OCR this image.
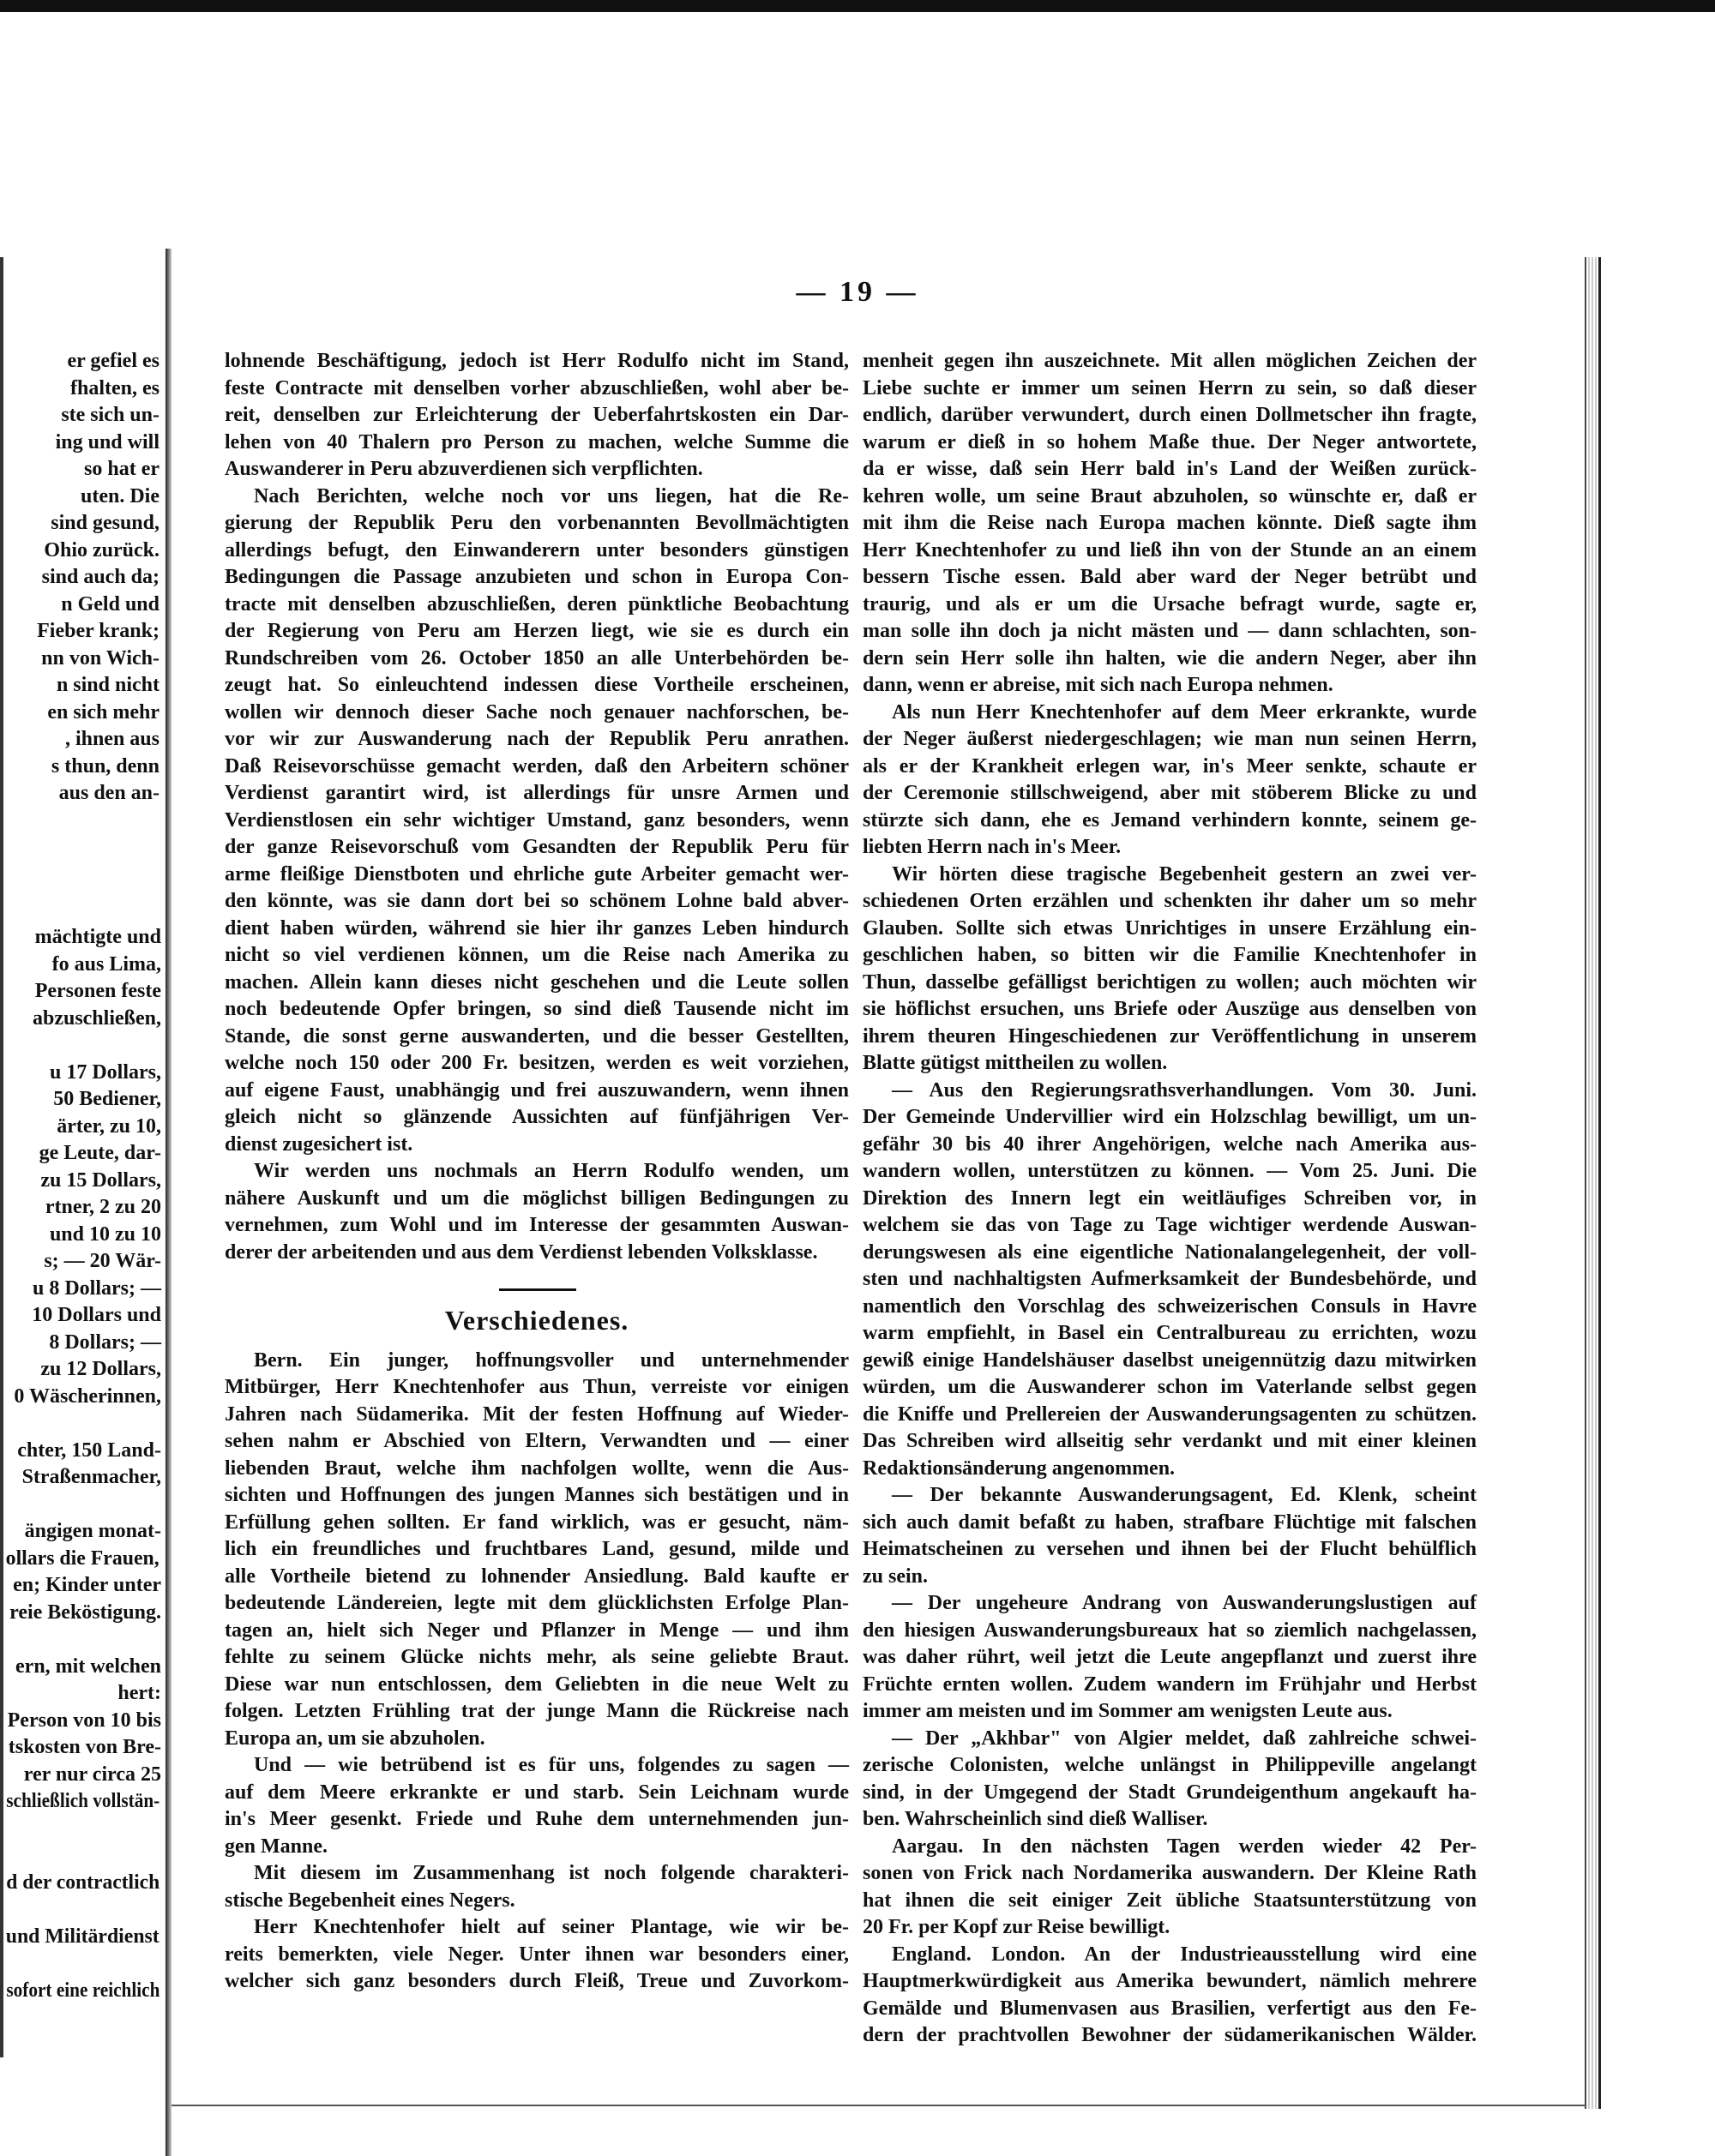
— 19 —
er gefiel es
fhalten, es
ste sich un-
ing und will
so hat er
uten. Die
sind gesund,
Ohio zurück.
sind auch da;
n Geld und
Fieber krank;
nn von Wich-
n sind nicht
en sich mehr
, ihnen aus
s thun, denn
aus den an-
mächtigte und
fo aus Lima,
Personen feste
abzuschließen,
u 17 Dollars,
50 Bediener,
ärter, zu 10,
ge Leute, dar-
zu 15 Dollars,
rtner, 2 zu 20
und 10 zu 10
s; — 20 Wär-
u 8 Dollars; —
10 Dollars und
8 Dollars; —
zu 12 Dollars,
0 Wäscherinnen,
chter, 150 Land-
Straßenmacher,
ängigen monat-
ollars die Frauen,
en; Kinder unter
reie Beköstigung.
ern, mit welchen
hert:
Person von 10 bis
tskosten von Bre-
rer nur circa 25
schließlich vollstän-
d der contractlich
und Militärdienst
sofort eine reichlich
lohnende Beschäftigung, jedoch ist Herr Rodulfo nicht im Stand,
feste Contracte mit denselben vorher abzuschließen, wohl aber be-
reit, denselben zur Erleichterung der Ueberfahrtskosten ein Dar-
lehen von 40 Thalern pro Person zu machen, welche Summe die
Auswanderer in Peru abzuverdienen sich verpflichten.
Nach Berichten, welche noch vor uns liegen, hat die Re-
gierung der Republik Peru den vorbenannten Bevollmächtigten
allerdings befugt, den Einwanderern unter besonders günstigen
Bedingungen die Passage anzubieten und schon in Europa Con-
tracte mit denselben abzuschließen, deren pünktliche Beobachtung
der Regierung von Peru am Herzen liegt, wie sie es durch ein
Rundschreiben vom 26. October 1850 an alle Unterbehörden be-
zeugt hat. So einleuchtend indessen diese Vortheile erscheinen,
wollen wir dennoch dieser Sache noch genauer nachforschen, be-
vor wir zur Auswanderung nach der Republik Peru anrathen.
Daß Reisevorschüsse gemacht werden, daß den Arbeitern schöner
Verdienst garantirt wird, ist allerdings für unsre Armen und
Verdienstlosen ein sehr wichtiger Umstand, ganz besonders, wenn
der ganze Reisevorschuß vom Gesandten der Republik Peru für
arme fleißige Dienstboten und ehrliche gute Arbeiter gemacht wer-
den könnte, was sie dann dort bei so schönem Lohne bald abver-
dient haben würden, während sie hier ihr ganzes Leben hindurch
nicht so viel verdienen können, um die Reise nach Amerika zu
machen. Allein kann dieses nicht geschehen und die Leute sollen
noch bedeutende Opfer bringen, so sind dieß Tausende nicht im
Stande, die sonst gerne auswanderten, und die besser Gestellten,
welche noch 150 oder 200 Fr. besitzen, werden es weit vorziehen,
auf eigene Faust, unabhängig und frei auszuwandern, wenn ihnen
gleich nicht so glänzende Aussichten auf fünfjährigen Ver-
dienst zugesichert ist.
Wir werden uns nochmals an Herrn Rodulfo wenden, um
nähere Auskunft und um die möglichst billigen Bedingungen zu
vernehmen, zum Wohl und im Interesse der gesammten Auswan-
derer der arbeitenden und aus dem Verdienst lebenden Volksklasse.
Verschiedenes.
Bern. Ein junger, hoffnungsvoller und unternehmender
Mitbürger, Herr Knechtenhofer aus Thun, verreiste vor einigen
Jahren nach Südamerika. Mit der festen Hoffnung auf Wieder-
sehen nahm er Abschied von Eltern, Verwandten und — einer
liebenden Braut, welche ihm nachfolgen wollte, wenn die Aus-
sichten und Hoffnungen des jungen Mannes sich bestätigen und in
Erfüllung gehen sollten. Er fand wirklich, was er gesucht, näm-
lich ein freundliches und fruchtbares Land, gesund, milde und
alle Vortheile bietend zu lohnender Ansiedlung. Bald kaufte er
bedeutende Ländereien, legte mit dem glücklichsten Erfolge Plan-
tagen an, hielt sich Neger und Pflanzer in Menge — und ihm
fehlte zu seinem Glücke nichts mehr, als seine geliebte Braut.
Diese war nun entschlossen, dem Geliebten in die neue Welt zu
folgen. Letzten Frühling trat der junge Mann die Rückreise nach
Europa an, um sie abzuholen.
Und — wie betrübend ist es für uns, folgendes zu sagen —
auf dem Meere erkrankte er und starb. Sein Leichnam wurde
in's Meer gesenkt. Friede und Ruhe dem unternehmenden jun-
gen Manne.
Mit diesem im Zusammenhang ist noch folgende charakteri-
stische Begebenheit eines Negers.
Herr Knechtenhofer hielt auf seiner Plantage, wie wir be-
reits bemerkten, viele Neger. Unter ihnen war besonders einer,
welcher sich ganz besonders durch Fleiß, Treue und Zuvorkom-
menheit gegen ihn auszeichnete. Mit allen möglichen Zeichen der
Liebe suchte er immer um seinen Herrn zu sein, so daß dieser
endlich, darüber verwundert, durch einen Dollmetscher ihn fragte,
warum er dieß in so hohem Maße thue. Der Neger antwortete,
da er wisse, daß sein Herr bald in's Land der Weißen zurück-
kehren wolle, um seine Braut abzuholen, so wünschte er, daß er
mit ihm die Reise nach Europa machen könnte. Dieß sagte ihm
Herr Knechtenhofer zu und ließ ihn von der Stunde an an einem
bessern Tische essen. Bald aber ward der Neger betrübt und
traurig, und als er um die Ursache befragt wurde, sagte er,
man solle ihn doch ja nicht mästen und — dann schlachten, son-
dern sein Herr solle ihn halten, wie die andern Neger, aber ihn
dann, wenn er abreise, mit sich nach Europa nehmen.
Als nun Herr Knechtenhofer auf dem Meer erkrankte, wurde
der Neger äußerst niedergeschlagen; wie man nun seinen Herrn,
als er der Krankheit erlegen war, in's Meer senkte, schaute er
der Ceremonie stillschweigend, aber mit stöberem Blicke zu und
stürzte sich dann, ehe es Jemand verhindern konnte, seinem ge-
liebten Herrn nach in's Meer.
Wir hörten diese tragische Begebenheit gestern an zwei ver-
schiedenen Orten erzählen und schenkten ihr daher um so mehr
Glauben. Sollte sich etwas Unrichtiges in unsere Erzählung ein-
geschlichen haben, so bitten wir die Familie Knechtenhofer in
Thun, dasselbe gefälligst berichtigen zu wollen; auch möchten wir
sie höflichst ersuchen, uns Briefe oder Auszüge aus denselben von
ihrem theuren Hingeschiedenen zur Veröffentlichung in unserem
Blatte gütigst mittheilen zu wollen.
— Aus den Regierungsrathsverhandlungen. Vom 30. Juni.
Der Gemeinde Undervillier wird ein Holzschlag bewilligt, um un-
gefähr 30 bis 40 ihrer Angehörigen, welche nach Amerika aus-
wandern wollen, unterstützen zu können. — Vom 25. Juni. Die
Direktion des Innern legt ein weitläufiges Schreiben vor, in
welchem sie das von Tage zu Tage wichtiger werdende Auswan-
derungswesen als eine eigentliche Nationalangelegenheit, der voll-
sten und nachhaltigsten Aufmerksamkeit der Bundesbehörde, und
namentlich den Vorschlag des schweizerischen Consuls in Havre
warm empfiehlt, in Basel ein Centralbureau zu errichten, wozu
gewiß einige Handelshäuser daselbst uneigennützig dazu mitwirken
würden, um die Auswanderer schon im Vaterlande selbst gegen
die Kniffe und Prellereien der Auswanderungsagenten zu schützen.
Das Schreiben wird allseitig sehr verdankt und mit einer kleinen
Redaktionsänderung angenommen.
— Der bekannte Auswanderungsagent, Ed. Klenk, scheint
sich auch damit befaßt zu haben, strafbare Flüchtige mit falschen
Heimatscheinen zu versehen und ihnen bei der Flucht behülflich
zu sein.
— Der ungeheure Andrang von Auswanderungslustigen auf
den hiesigen Auswanderungsbureaux hat so ziemlich nachgelassen,
was daher rührt, weil jetzt die Leute angepflanzt und zuerst ihre
Früchte ernten wollen. Zudem wandern im Frühjahr und Herbst
immer am meisten und im Sommer am wenigsten Leute aus.
— Der „Akhbar" von Algier meldet, daß zahlreiche schwei-
zerische Colonisten, welche unlängst in Philippeville angelangt
sind, in der Umgegend der Stadt Grundeigenthum angekauft ha-
ben. Wahrscheinlich sind dieß Walliser.
Aargau. In den nächsten Tagen werden wieder 42 Per-
sonen von Frick nach Nordamerika auswandern. Der Kleine Rath
hat ihnen die seit einiger Zeit übliche Staatsunterstützung von
20 Fr. per Kopf zur Reise bewilligt.
England. London. An der Industrieausstellung wird eine
Hauptmerkwürdigkeit aus Amerika bewundert, nämlich mehrere
Gemälde und Blumenvasen aus Brasilien, verfertigt aus den Fe-
dern der prachtvollen Bewohner der südamerikanischen Wälder.
